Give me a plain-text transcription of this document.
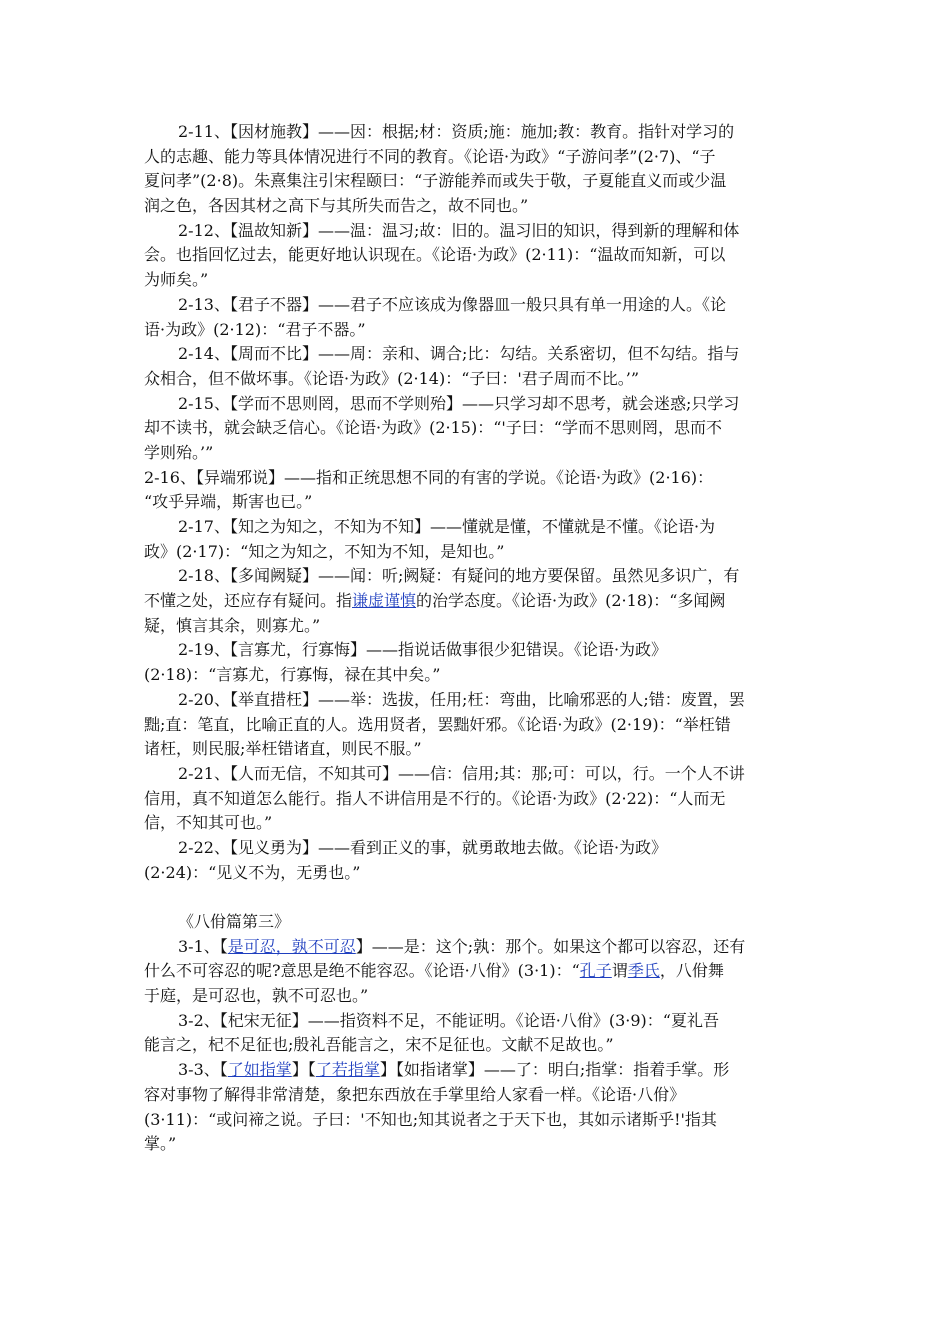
2-11、【因材施教】——因：根据;材：资质;施：施加;教：教育。指针对学习的
人的志趣、能力等具体情况进行不同的教育。《论语·为政》“子游问孝”(2·7)、“子
夏问孝”(2·8)。朱熹集注引宋程颐曰：“子游能养而或失于敬，子夏能直义而或少温
润之色，各因其材之高下与其所失而告之，故不同也。”
2-12、【温故知新】——温：温习;故：旧的。温习旧的知识，得到新的理解和体
会。也指回忆过去，能更好地认识现在。《论语·为政》(2·11)：“温故而知新，可以
为师矣。”
2-13、【君子不器】——君子不应该成为像器皿一般只具有单一用途的人。《论
语·为政》(2·12)：“君子不器。”
2-14、【周而不比】——周：亲和、调合;比：勾结。关系密切，但不勾结。指与
众相合，但不做坏事。《论语·为政》(2·14)：“子曰：'君子周而不比。’”
2-15、【学而不思则罔，思而不学则殆】——只学习却不思考，就会迷惑;只学习
却不读书，就会缺乏信心。《论语·为政》(2·15)：“'子曰：“学而不思则罔，思而不
学则殆。’”
2-16、【异端邪说】——指和正统思想不同的有害的学说。《论语·为政》(2·16)：
“攻乎异端，斯害也已。”
2-17、【知之为知之，不知为不知】——懂就是懂，不懂就是不懂。《论语·为
政》(2·17)：“知之为知之，不知为不知，是知也。”
2-18、【多闻阙疑】——闻：听;阙疑：有疑问的地方要保留。虽然见多识广，有
不懂之处，还应存有疑问。指谦虚谨慎的治学态度。《论语·为政》(2·18)：“多闻阙
疑，慎言其余，则寡尤。”
2-19、【言寡尤，行寡悔】——指说话做事很少犯错误。《论语·为政》
(2·18)：“言寡尤，行寡悔，禄在其中矣。”
2-20、【举直措枉】——举：选拔，任用;枉：弯曲，比喻邪恶的人;错：废置，罢
黜;直：笔直，比喻正直的人。选用贤者，罢黜奸邪。《论语·为政》(2·19)：“举枉错
诸枉，则民服;举枉错诸直，则民不服。”
2-21、【人而无信，不知其可】——信：信用;其：那;可：可以，行。一个人不讲
信用，真不知道怎么能行。指人不讲信用是不行的。《论语·为政》(2·22)：“人而无
信，不知其可也。”
2-22、【见义勇为】——看到正义的事，就勇敢地去做。《论语·为政》
(2·24)：“见义不为，无勇也。”
《八佾篇第三》
3-1、【是可忍，孰不可忍】——是：这个;孰：那个。如果这个都可以容忍，还有
什么不可容忍的呢?意思是绝不能容忍。《论语·八佾》(3·1)：“孔子谓季氏，八佾舞
于庭，是可忍也，孰不可忍也。”
3-2、【杞宋无征】——指资料不足，不能证明。《论语·八佾》(3·9)：“夏礼吾
能言之，杞不足征也;殷礼吾能言之，宋不足征也。文献不足故也。”
3-3、【了如指掌】【了若指掌】【如指诸掌】——了：明白;指掌：指着手掌。形
容对事物了解得非常清楚，象把东西放在手掌里给人家看一样。《论语·八佾》
(3·11)：“或问禘之说。子曰：'不知也;知其说者之于天下也，其如示诸斯乎!'指其
掌。”
